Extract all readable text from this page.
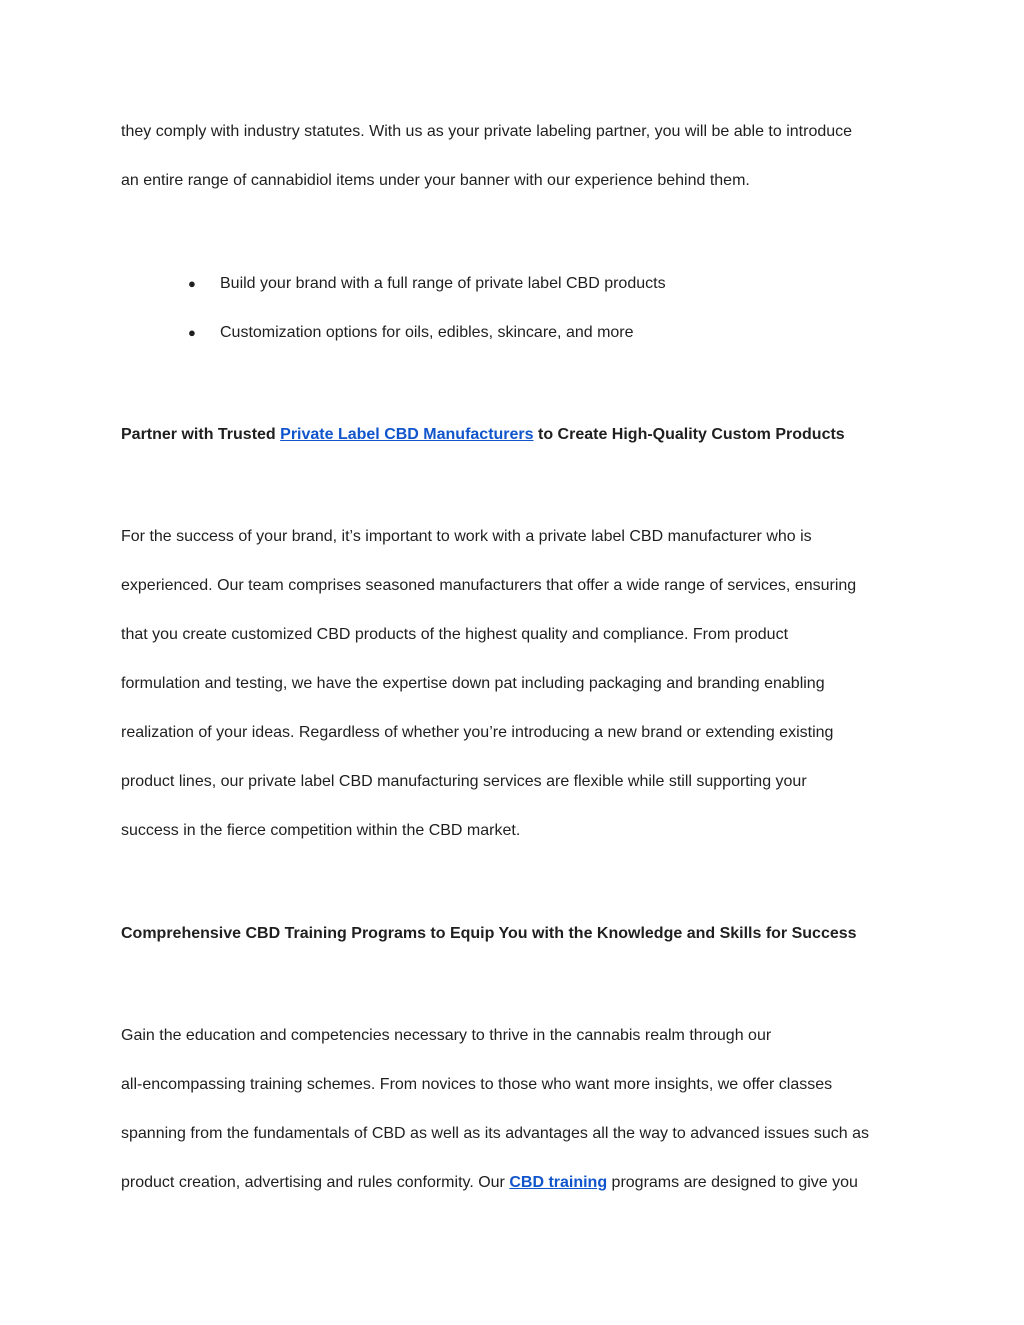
they comply with industry statutes. With us as your private labeling partner, you will be able to introduce
an entire range of cannabidiol items under your banner with our experience behind them.
● Build your brand with a full range of private label CBD products
● Customization options for oils, edibles, skincare, and more
Partner with Trusted Private Label CBD Manufacturers to Create High-Quality Custom Products
For the success of your brand, it’s important to work with a private label CBD manufacturer who is
experienced. Our team comprises seasoned manufacturers that offer a wide range of services, ensuring
that you create customized CBD products of the highest quality and compliance. From product
formulation and testing, we have the expertise down pat including packaging and branding enabling
realization of your ideas. Regardless of whether you’re introducing a new brand or extending existing
product lines, our private label CBD manufacturing services are flexible while still supporting your
success in the fierce competition within the CBD market.
Comprehensive CBD Training Programs to Equip You with the Knowledge and Skills for Success
Gain the education and competencies necessary to thrive in the cannabis realm through our
all-encompassing training schemes. From novices to those who want more insights, we offer classes
spanning from the fundamentals of CBD as well as its advantages all the way to advanced issues such as
product creation, advertising and rules conformity. Our CBD training programs are designed to give you
